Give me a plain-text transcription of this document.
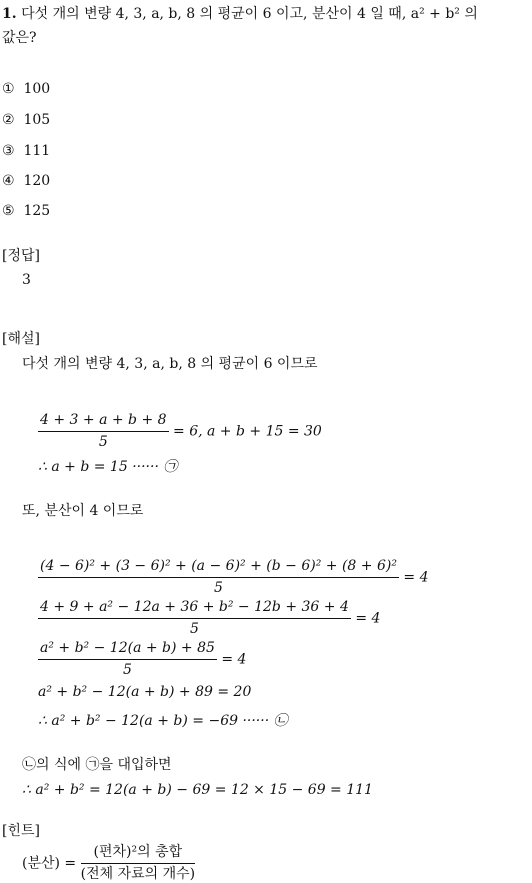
1. 다섯 개의 변량 4, 3, a, b, 8 의 평균이 6 이고, 분산이 4 일 때, a² + b² 의
값은?
① 100
② 105
③ 111
④ 120
⑤ 125
[정답]
3
[해설]
다섯 개의 변량 4, 3, a, b, 8 의 평균이 6 이므로
$\frac{4 + 3 + a + b + 8}{5} = 6$, a + b + 15 = 30
∴ a + b = 15 ······ ㉠
또, 분산이 4 이므로
$\frac{\text{(4 − 6)² + (3 − 6)² + (a − 6)² + (b − 6)² + (8 + 6)²}}{5} = 4$
$\frac{\text{4 + 9 + a² − 12a + 36 + b² − 12b + 36 + 4}}{5} = 4$
$\frac{\text{a² + b² − 12(a + b) + 85}}{5} = 4$
a² + b² − 12(a + b) + 89 = 20
∴ a² + b² − 12(a + b) = −69 ······ ㉡
㉡의 식에 ㉠을 대입하면
∴ a² + b² = 12(a + b) − 69 = 12 × 15 − 69 = 111
[힌트]
(분산) = $\frac{\text{(편차)²의 총합}}{\text{(전체 자료의 개수)}}$
